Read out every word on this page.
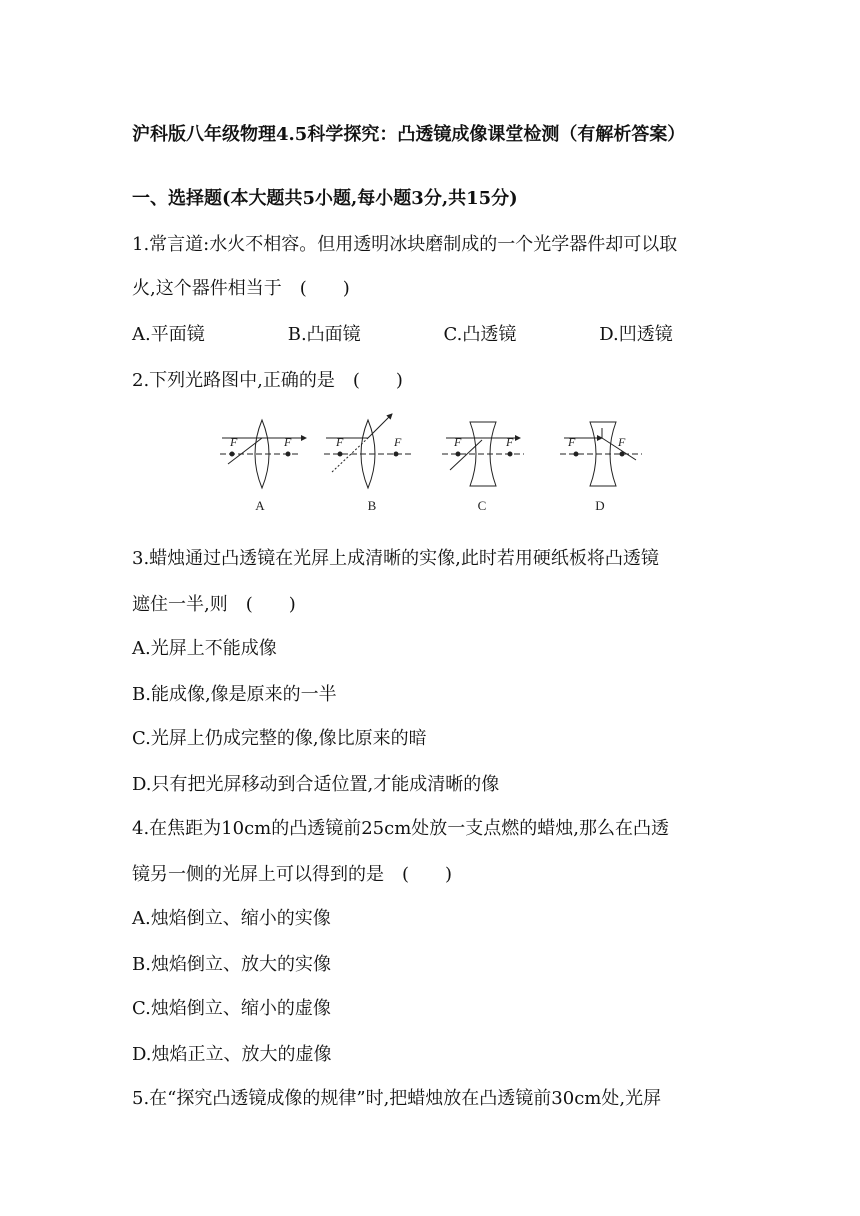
沪科版八年级物理4.5科学探究：凸透镜成像课堂检测（有解析答案）
一、选择题(本大题共5小题,每小题3分,共15分)
1.常言道:水火不相容。但用透明冰块磨制成的一个光学器件却可以取
火,这个器件相当于　(　　)
A.平面镜	B.凸面镜	C.凸透镜	D.凹透镜
2.下列光路图中,正确的是　(　　)
F	F	F	F	F	F	F	F
A	B	C	D
3.蜡烛通过凸透镜在光屏上成清晰的实像,此时若用硬纸板将凸透镜
遮住一半,则　(　　)
A.光屏上不能成像
B.能成像,像是原来的一半
C.光屏上仍成完整的像,像比原来的暗
D.只有把光屏移动到合适位置,才能成清晰的像
4.在焦距为10cm的凸透镜前25cm处放一支点燃的蜡烛,那么在凸透
镜另一侧的光屏上可以得到的是　(　　)
A.烛焰倒立、缩小的实像
B.烛焰倒立、放大的实像
C.烛焰倒立、缩小的虚像
D.烛焰正立、放大的虚像
5.在“探究凸透镜成像的规律”时,把蜡烛放在凸透镜前30cm处,光屏
